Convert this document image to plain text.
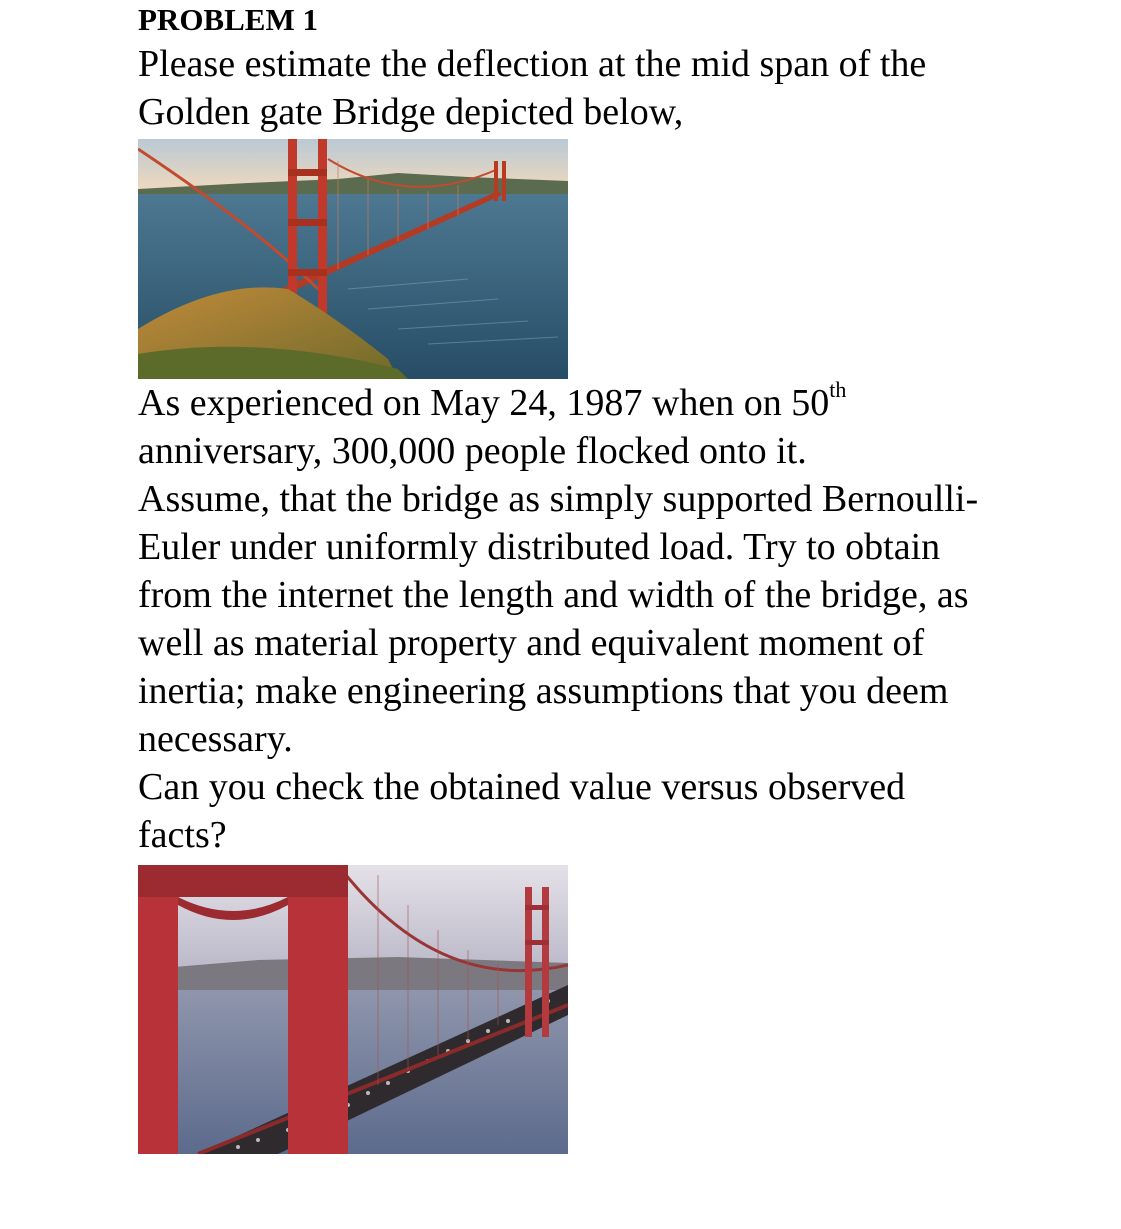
PROBLEM 1

Please estimate the deflection at the mid span of the

Golden gate Bridge depicted below,

As experienced on May 24, 1987 when on 50th

anniversary, 300,000 people flocked onto it.

Assume, that the bridge as simply supported Bernoulli-

Euler under uniformly distributed load. Try to obtain

from the internet the length and width of the bridge, as

well as material property and equivalent moment of

inertia; make engineering assumptions that you deem

necessary.

Can you check the obtained value versus observed

facts?
